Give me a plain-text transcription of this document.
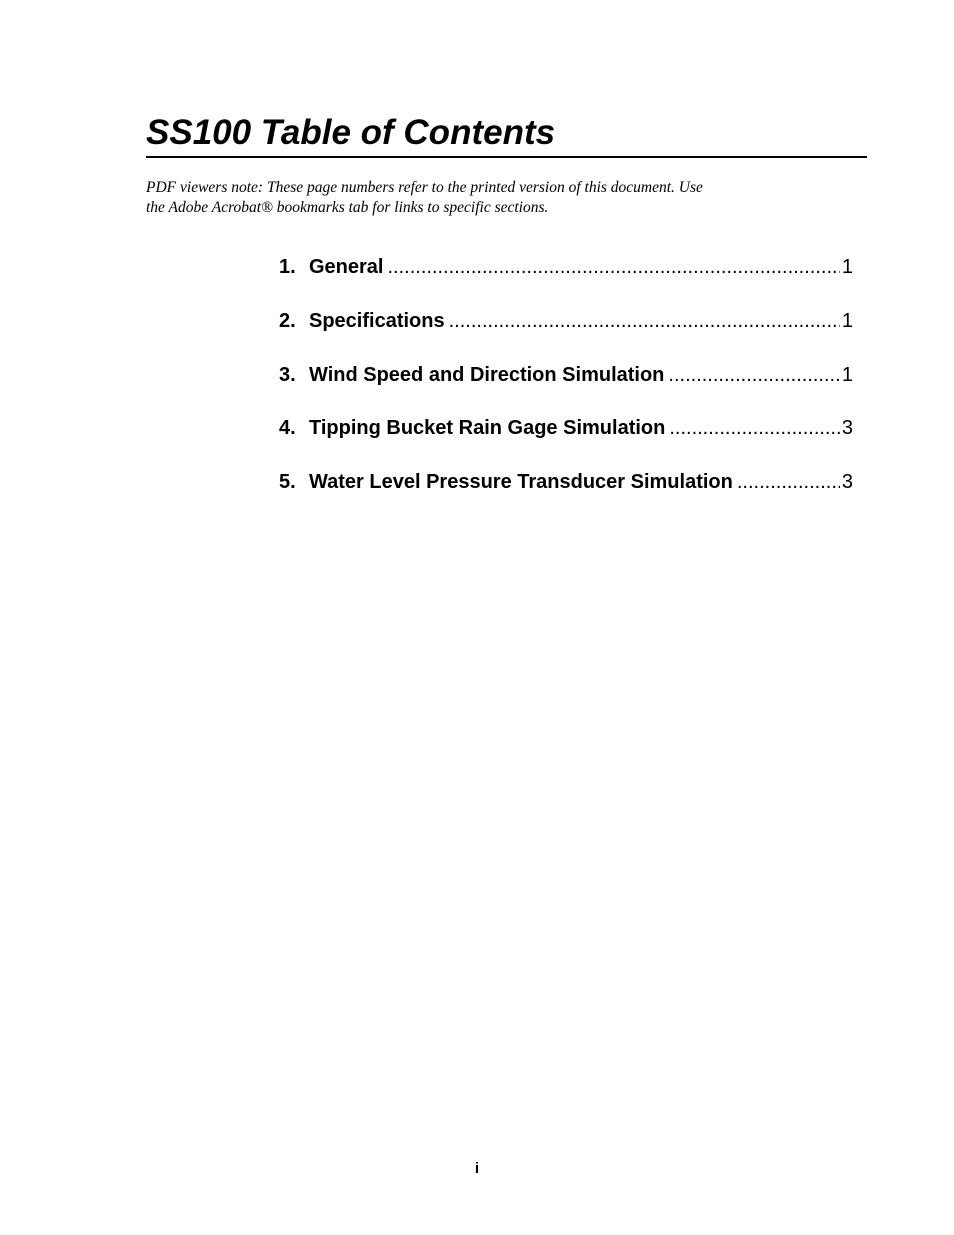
SS100 Table of Contents

PDF viewers note: These page numbers refer to the printed version of this document. Use
the Adobe Acrobat® bookmarks tab for links to specific sections.

1. General .....	1
2. Specifications .....	1
3. Wind Speed and Direction Simulation .....	1
4. Tipping Bucket Rain Gage Simulation .....	3
5. Water Level Pressure Transducer Simulation .....	3

i
